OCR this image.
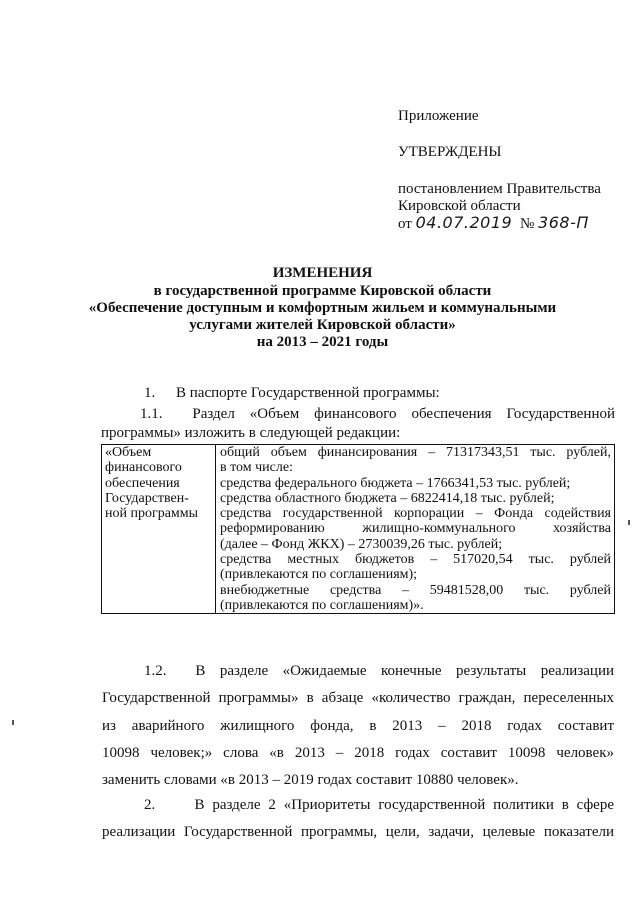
Приложение
УТВЕРЖДЕНЫ
постановлением Правительства
Кировской области
от 04.07.2019 № 368-П
ИЗМЕНЕНИЯ
в государственной программе Кировской области
«Обеспечение доступным и комфортным жильем и коммунальными
услугами жителей Кировской области»
на 2013 – 2021 годы
1. В паспорте Государственной программы:
1.1. Раздел «Объем финансового обеспечения Государственной
программы» изложить в следующей редакции:
«Объем
финансового
обеспечения
Государствен-
ной программы

общий объем финансирования – 71317343,51 тыс. рублей,
в том числе:
средства федерального бюджета – 1766341,53 тыс. рублей;
средства областного бюджета – 6822414,18 тыс. рублей;
средства государственной корпорации – Фонда содействия
реформированию жилищно-коммунального хозяйства
(далее – Фонд ЖКХ) – 2730039,26 тыс. рублей;
средства местных бюджетов – 517020,54 тыс. рублей
(привлекаются по соглашениям);
внебюджетные средства – 59481528,00 тыс. рублей
(привлекаются по соглашениям)».
1.2. В разделе «Ожидаемые конечные результаты реализации
Государственной программы» в абзаце «количество граждан, переселенных
из аварийного жилищного фонда, в 2013 – 2018 годах составит
10098 человек;» слова «в 2013 – 2018 годах составит 10098 человек»
заменить словами «в 2013 – 2019 годах составит 10880 человек».
2.	В разделе 2 «Приоритеты государственной политики в сфере
реализации Государственной программы, цели, задачи, целевые показатели
